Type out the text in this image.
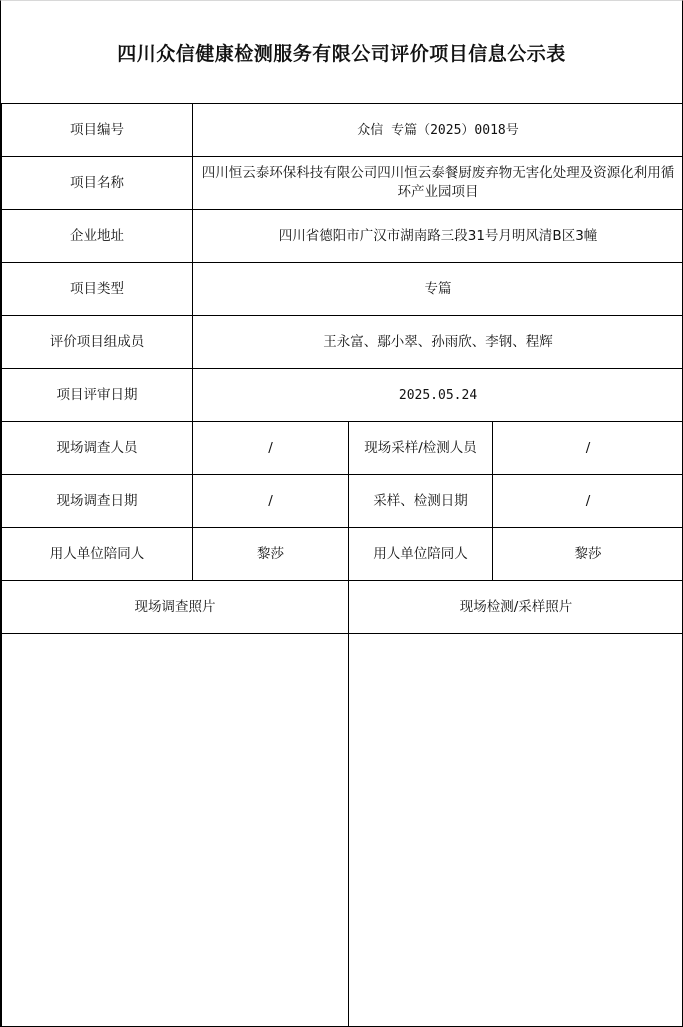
四川众信健康检测服务有限公司评价项目信息公示表
项目编号	众信 专篇（2025）0018号		
项目名称	四川恒云泰环保科技有限公司四川恒云泰餐厨废弃物无害化处理及资源化利用循环产业园项目		
企业地址	四川省德阳市广汉市湖南路三段31号月明风清B区3幢		
项目类型	专篇		
评价项目组成员	王永富、鄢小翠、孙雨欣、李钢、程辉		
项目评审日期	2025.05.24		
现场调查人员	/	现场采样/检测人员	/
现场调查日期	/	采样、检测日期	/
用人单位陪同人	黎莎	用人单位陪同人	黎莎
现场调查照片		现场检测/采样照片	
